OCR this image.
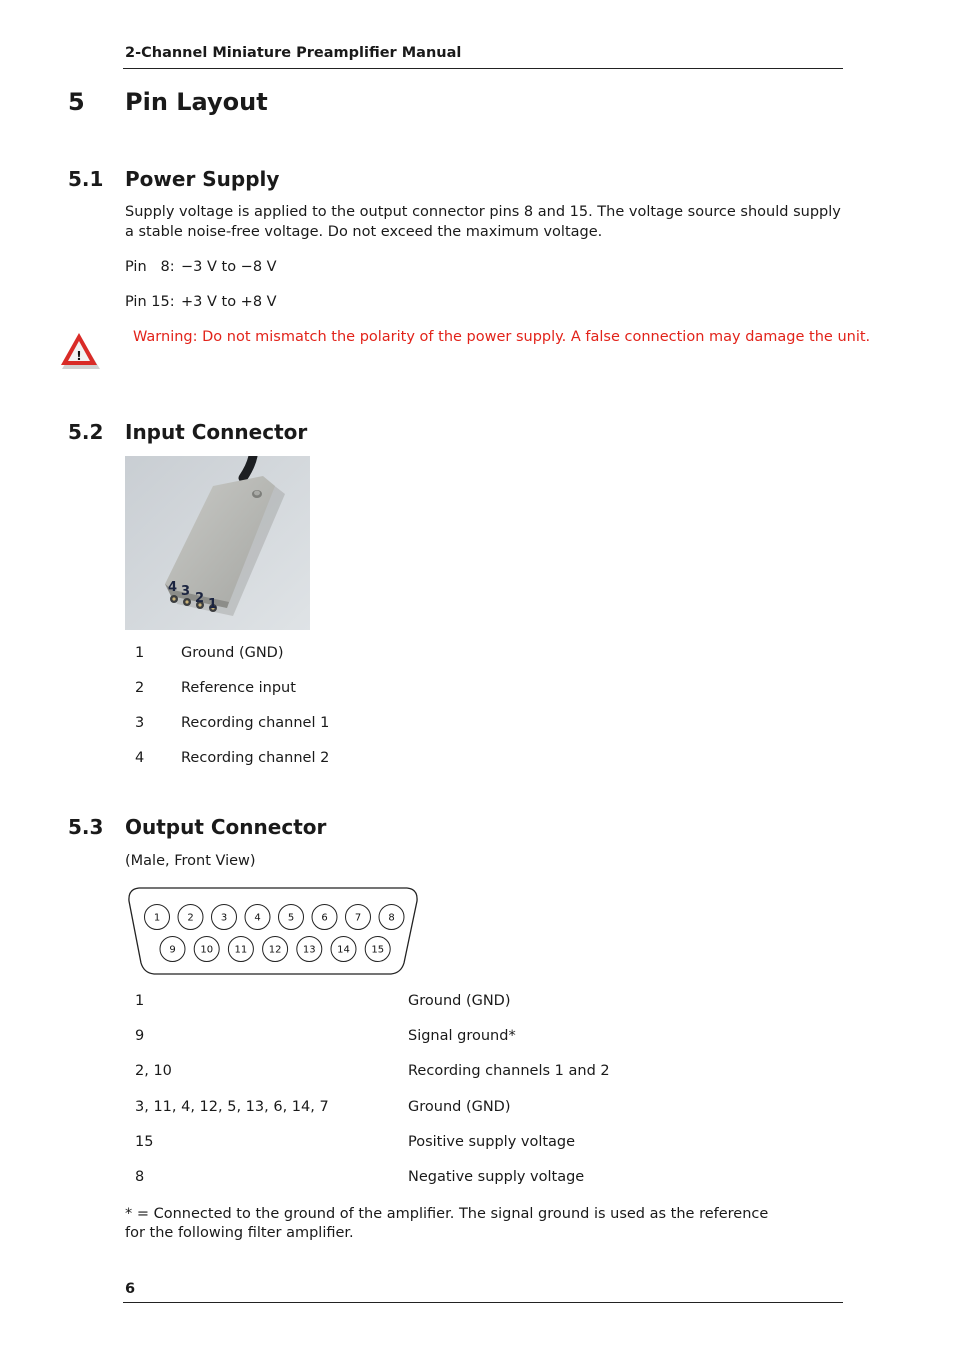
2-Channel Miniature Preamplifier Manual
5 Pin Layout
5.1 Power Supply
Supply voltage is applied to the output connector pins 8 and 15. The voltage source should supply
a stable noise-free voltage. Do not exceed the maximum voltage.
Pin   8: −3 V to −8 V
Pin 15: +3 V to +8 V
!
Warning: Do not mismatch the polarity of the power supply. A false connection may damage the unit.
5.2 Input Connector
4 3 2 1
1	Ground (GND)
2	Reference input
3	Recording channel 1
4	Recording channel 2
5.3 Output Connector
(Male, Front View)
1	2	3	4	5	6	7	8
9 10 11 12 13 14 15
1	Ground (GND)
9	Signal ground*
2, 10	Recording channels 1 and 2
3, 11, 4, 12, 5, 13, 6, 14, 7	Ground (GND)
15	Positive supply voltage
8	Negative supply voltage
* = Connected to the ground of the amplifier. The signal ground is used as the reference
for the following filter amplifier.
6
